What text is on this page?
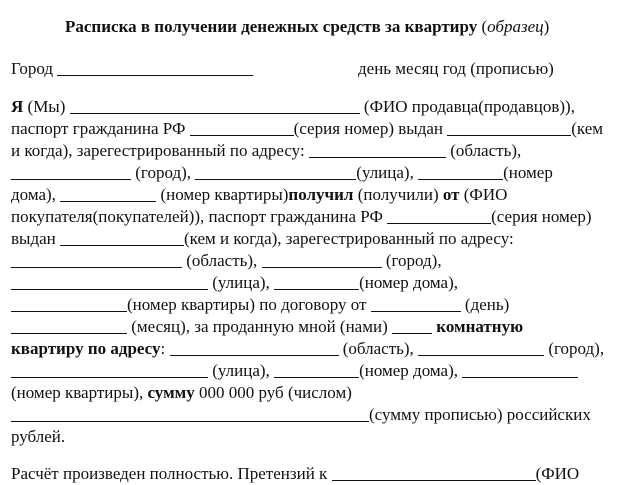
Расписка в получении денежных средств за квартиру (образец)
Город	день месяц год (прописью)
Я (Мы)	(ФИО продавца(продавцов)),
паспорт гражданина РФ	(серия номер) выдан	(кем
и когда), зарегестрированный по адресу:	(область),
(город),	(улица),	(номер
дома),	(номер квартиры)получил (получили) от (ФИО
покупателя(покупателей)), паспорт гражданина РФ	(серия номер)
выдан	(кем и когда), зарегестрированный по адресу:
(область),	(город),
(улица),	(номер дома),
(номер квартиры) по договору от	(день)
(месяц), за проданную мной (нами)	комнатную
квартиру по адресу:	(область),	(город),
(улица),	(номер дома),
(номер квартиры), сумму 000 000 руб (числом)
(сумму прописью) российских
рублей.
Расчёт произведен полностью. Претензий к	(ФИО
